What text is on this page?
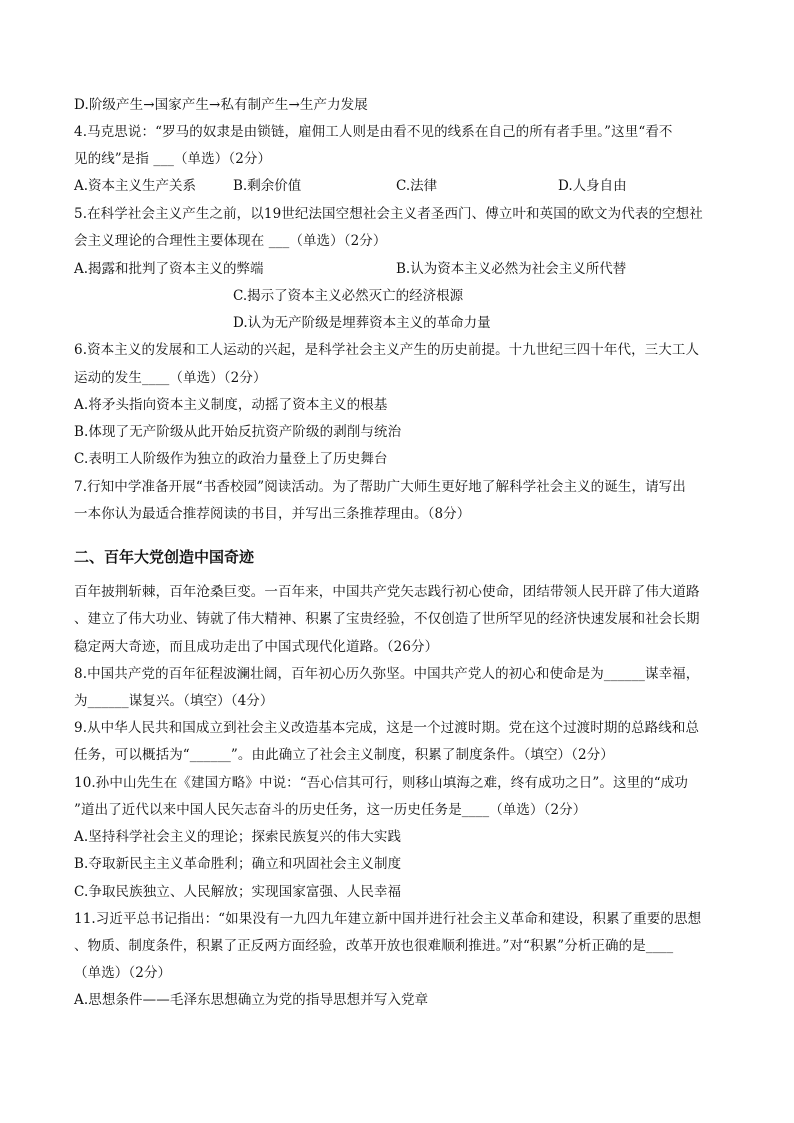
D.阶级产生→国家产生→私有制产生→生产力发展
4.马克思说：“罗马的奴隶是由锁链，雇佣工人则是由看不见的线系在自己的所有者手里。”这里“看不
见的线”是指 ___（单选）（2分）
A.资本主义生产关系	B.剩余价值	C.法律	D.人身自由
5.在科学社会主义产生之前，以19世纪法国空想社会主义者圣西门、傅立叶和英国的欧文为代表的空想社
会主义理论的合理性主要体现在 ___（单选）（2分）
A.揭露和批判了资本主义的弊端	B.认为资本主义必然为社会主义所代替
C.揭示了资本主义必然灭亡的经济根源
D.认为无产阶级是埋葬资本主义的革命力量
6.资本主义的发展和工人运动的兴起，是科学社会主义产生的历史前提。十九世纪三四十年代，三大工人
运动的发生____（单选）（2分）
A.将矛头指向资本主义制度，动摇了资本主义的根基
B.体现了无产阶级从此开始反抗资产阶级的剥削与统治
C.表明工人阶级作为独立的政治力量登上了历史舞台
7.行知中学准备开展“书香校园”阅读活动。为了帮助广大师生更好地了解科学社会主义的诞生，请写出
一本你认为最适合推荐阅读的书目，并写出三条推荐理由。（8分）
二、百年大党创造中国奇迹
百年披荆斩棘，百年沧桑巨变。一百年来，中国共产党矢志践行初心使命，团结带领人民开辟了伟大道路
、建立了伟大功业、铸就了伟大精神、积累了宝贵经验，不仅创造了世所罕见的经济快速发展和社会长期
稳定两大奇迹，而且成功走出了中国式现代化道路。（26分）
8.中国共产党的百年征程波澜壮阔，百年初心历久弥坚。中国共产党人的初心和使命是为______谋幸福，
为______谋复兴。（填空）（4分）
9.从中华人民共和国成立到社会主义改造基本完成，这是一个过渡时期。党在这个过渡时期的总路线和总
任务，可以概括为“______”。由此确立了社会主义制度，积累了制度条件。（填空）（2分）
10.孙中山先生在《建国方略》中说：“吾心信其可行，则移山填海之难，终有成功之日”。这里的“成功
”道出了近代以来中国人民矢志奋斗的历史任务，这一历史任务是____（单选）（2分）
A.坚持科学社会主义的理论；探索民族复兴的伟大实践
B.夺取新民主主义革命胜利；确立和巩固社会主义制度
C.争取民族独立、人民解放；实现国家富强、人民幸福
11.习近平总书记指出：“如果没有一九四九年建立新中国并进行社会主义革命和建设，积累了重要的思想
、物质、制度条件，积累了正反两方面经验，改革开放也很难顺利推进。”对“积累”分析正确的是____
（单选）（2分）
A.思想条件——毛泽东思想确立为党的指导思想并写入党章
